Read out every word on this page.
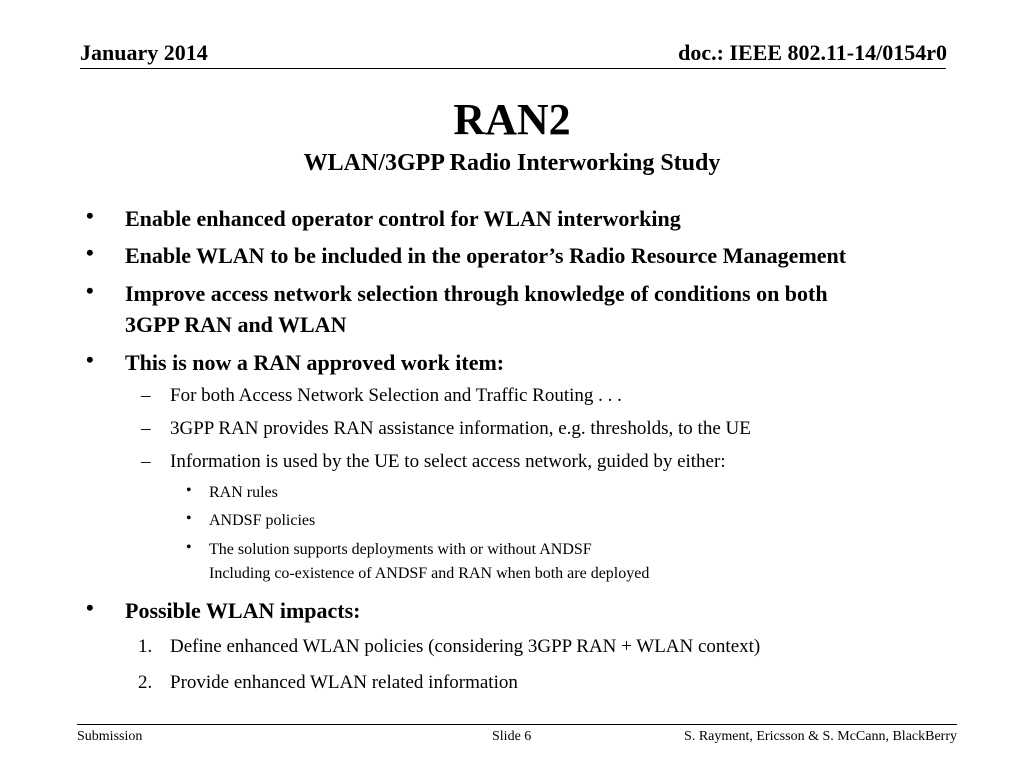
January 2014	doc.: IEEE 802.11-14/0154r0
RAN2
WLAN/3GPP Radio Interworking Study
• Enable enhanced operator control for WLAN interworking
• Enable WLAN to be included in the operator’s Radio Resource Management
• Improve access network selection through knowledge of conditions on both
3GPP RAN and WLAN
• This is now a RAN approved work item:
– For both Access Network Selection and Traffic Routing . . .
– 3GPP RAN provides RAN assistance information, e.g. thresholds, to the UE
– Information is used by the UE to select access network, guided by either:
• RAN rules
• ANDSF policies
• The solution supports deployments with or without ANDSF
Including co-existence of ANDSF and RAN when both are deployed
• Possible WLAN impacts:
1. Define enhanced WLAN policies (considering 3GPP RAN + WLAN context)
2. Provide enhanced WLAN related information
Submission	Slide 6	S. Rayment, Ericsson & S. McCann, BlackBerry
